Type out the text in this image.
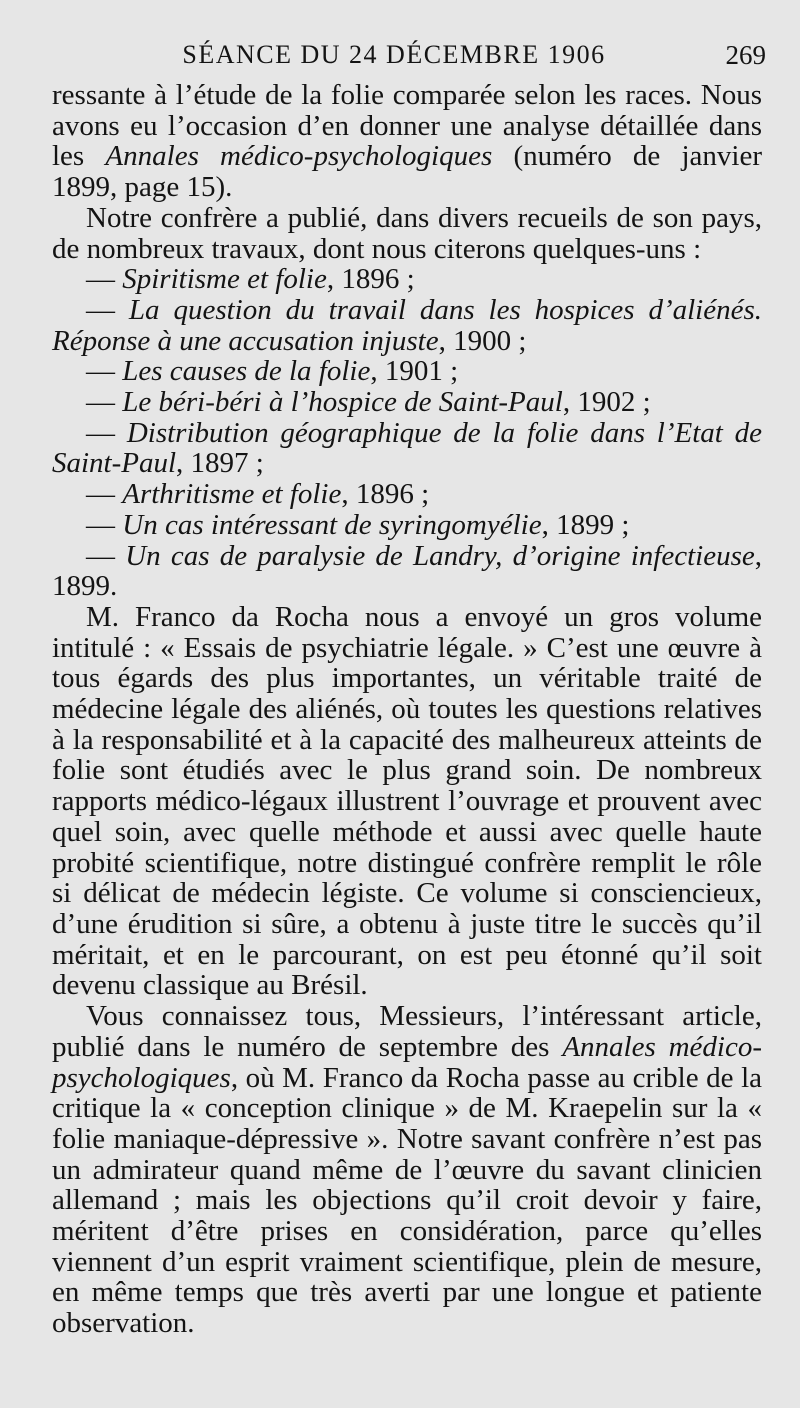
SÉANCE DU 24 DÉCEMBRE 1906	269

ressante à l’étude de la folie comparée selon les races. Nous avons eu l’occasion d’en donner une analyse détaillée dans les Annales médico-psychologiques (numéro de janvier 1899, page 15).

Notre confrère a publié, dans divers recueils de son pays, de nombreux travaux, dont nous citerons quelques-uns :

— Spiritisme et folie, 1896 ;

— La question du travail dans les hospices d’aliénés. Réponse à une accusation injuste, 1900 ;

— Les causes de la folie, 1901 ;

— Le béri-béri à l’hospice de Saint-Paul, 1902 ;

— Distribution géographique de la folie dans l’Etat de Saint-Paul, 1897 ;

— Arthritisme et folie, 1896 ;

— Un cas intéressant de syringomyélie, 1899 ;

— Un cas de paralysie de Landry, d’origine infectieuse, 1899.

M. Franco da Rocha nous a envoyé un gros volume intitulé : « Essais de psychiatrie légale. » C’est une œuvre à tous égards des plus importantes, un véritable traité de médecine légale des aliénés, où toutes les questions relatives à la responsabilité et à la capacité des malheureux atteints de folie sont étudiés avec le plus grand soin. De nombreux rapports médico-légaux illustrent l’ouvrage et prouvent avec quel soin, avec quelle méthode et aussi avec quelle haute probité scientifique, notre distingué confrère remplit le rôle si délicat de médecin légiste. Ce volume si consciencieux, d’une érudition si sûre, a obtenu à juste titre le succès qu’il méritait, et en le parcourant, on est peu étonné qu’il soit devenu classique au Brésil.

Vous connaissez tous, Messieurs, l’intéressant article, publié dans le numéro de septembre des Annales médico-psychologiques, où M. Franco da Rocha passe au crible de la critique la « conception clinique » de M. Kraepelin sur la « folie maniaque-dépressive ». Notre savant confrère n’est pas un admirateur quand même de l’œuvre du savant clinicien allemand ; mais les objections qu’il croit devoir y faire, méritent d’être prises en considération, parce qu’elles viennent d’un esprit vraiment scientifique, plein de mesure, en même temps que très averti par une longue et patiente observation.
